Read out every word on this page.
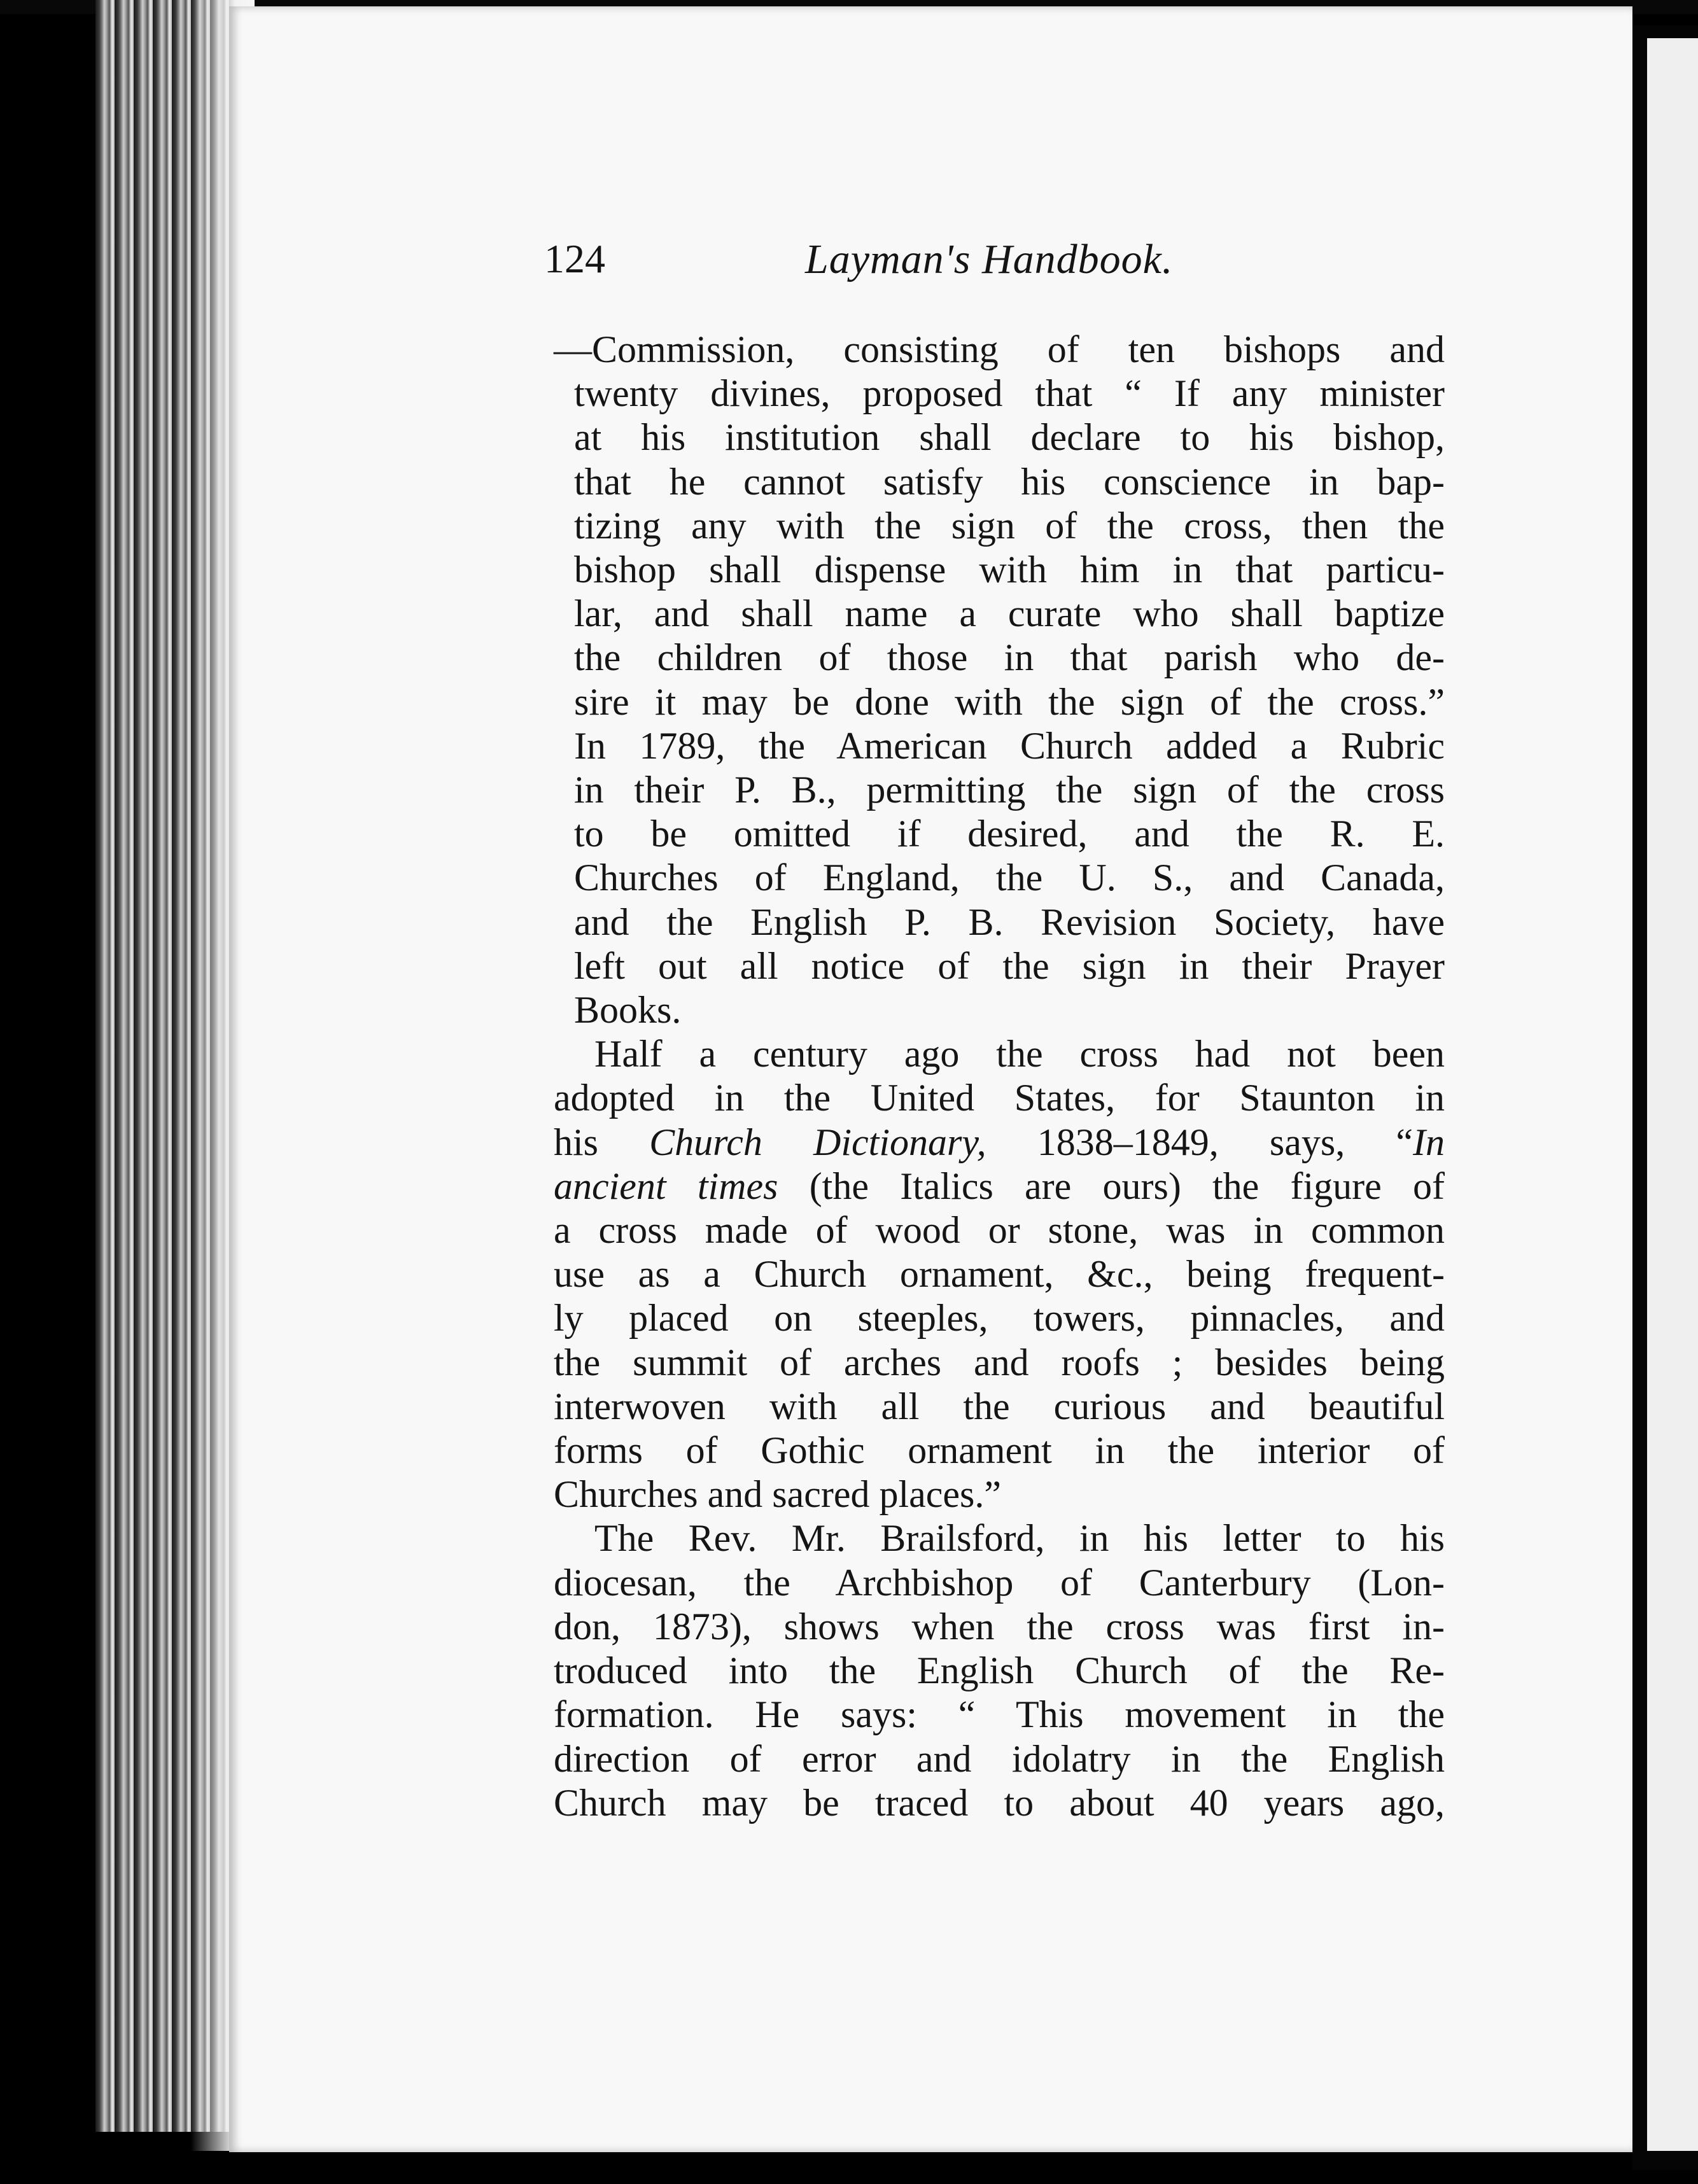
124	Layman's Handbook.

—Commission, consisting of ten bishops and
twenty divines, proposed that “ If any minister
at his institution shall declare to his bishop,
that he cannot satisfy his conscience in bap-
tizing any with the sign of the cross, then the
bishop shall dispense with him in that particu-
lar, and shall name a curate who shall baptize
the children of those in that parish who de-
sire it may be done with the sign of the cross.”
In 1789, the American Church added a Rubric
in their P. B., permitting the sign of the cross
to be omitted if desired, and the R. E.
Churches of England, the U. S., and Canada,
and the English P. B. Revision Society, have
left out all notice of the sign in their Prayer
Books.

Half a century ago the cross had not been
adopted in the United States, for Staunton in
his Church Dictionary, 1838–1849, says, “In
ancient times (the Italics are ours) the figure of
a cross made of wood or stone, was in common
use as a Church ornament, &c., being frequent-
ly placed on steeples, towers, pinnacles, and
the summit of arches and roofs ; besides being
interwoven with all the curious and beautiful
forms of Gothic ornament in the interior of
Churches and sacred places.”

The Rev. Mr. Brailsford, in his letter to his
diocesan, the Archbishop of Canterbury (Lon-
don, 1873), shows when the cross was first in-
troduced into the English Church of the Re-
formation. He says: “ This movement in the
direction of error and idolatry in the English
Church may be traced to about 40 years ago,
